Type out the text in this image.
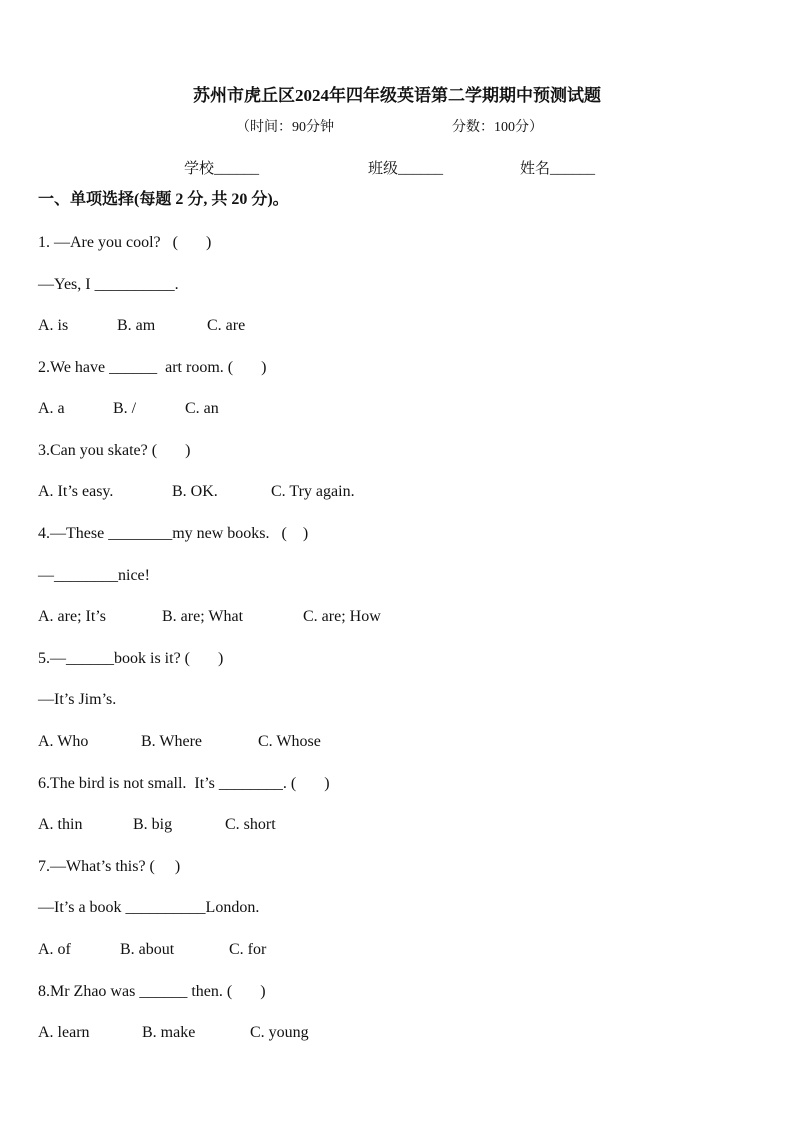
苏州市虎丘区2024年四年级英语第二学期期中预测试题
（时间：90分钟	分数：100分）
学校______	班级______	姓名______
一、单项选择(每题 2 分, 共 20 分)。
1. —Are you cool?   (       )
—Yes, I __________.
A. is	B. am	C. are
2.We have ______  art room. (       )
A. a	B. /	C. an
3.Can you skate? (       )
A. It’s easy.	B. OK.	C. Try again.
4.—These ________my new books.   (    )
—________nice!
A. are; It’s	B. are; What	C. are; How
5.—______book is it? (       )
—It’s Jim’s.
A. Who	B. Where	C. Whose
6.The bird is not small.  It’s ________. (       )
A. thin	B. big	C. short
7.—What’s this? (     )
—It’s a book __________London.
A. of	B. about	C. for
8.Mr Zhao was ______ then. (       )
A. learn	B. make	C. young
